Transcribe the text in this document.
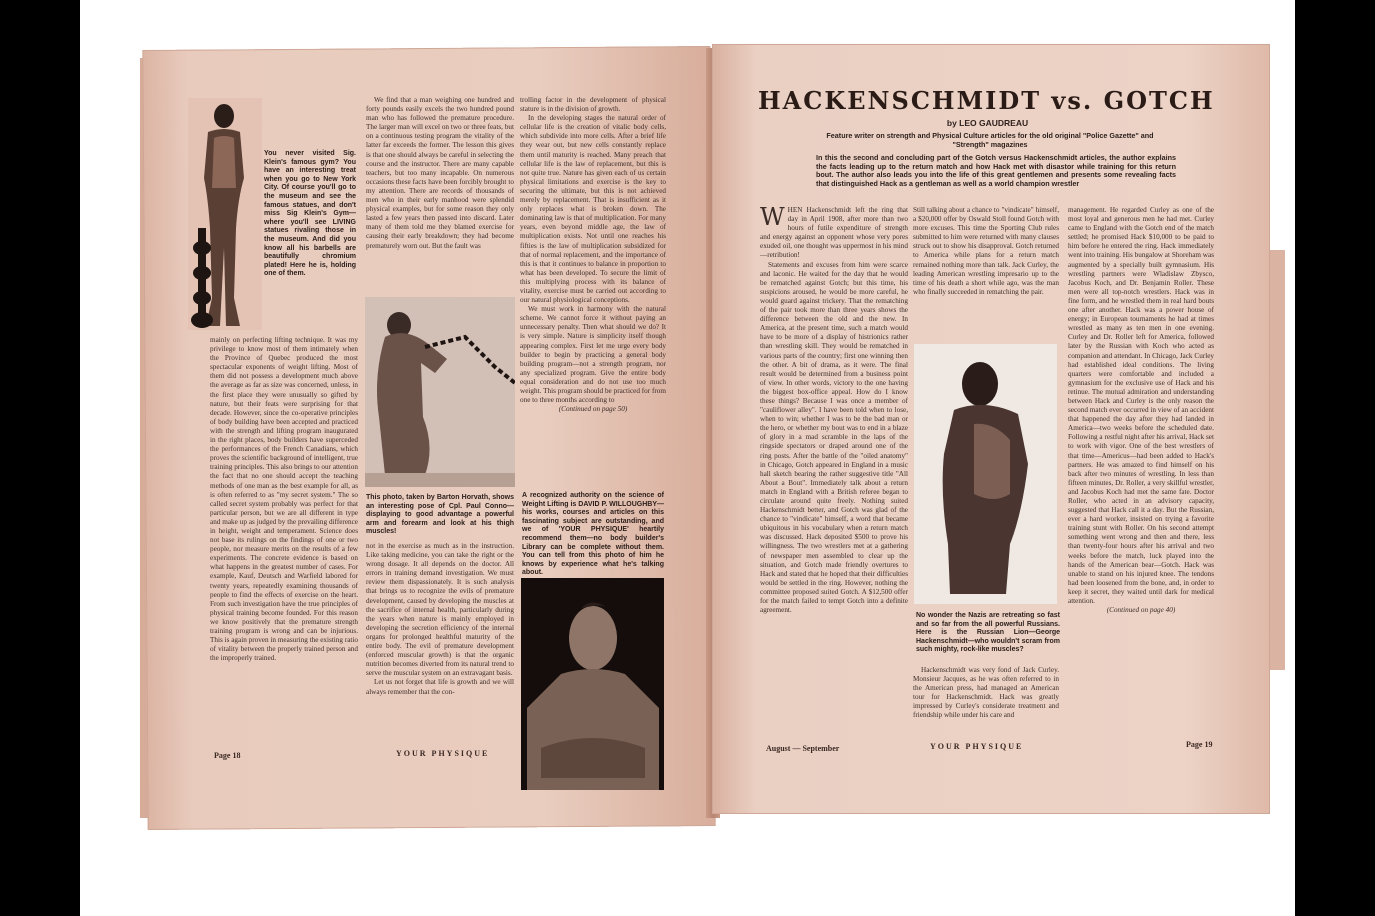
You never visited Sig. Klein's famous gym? You have an interesting treat when you go to New York City. Of course you'll go to the museum and see the famous statues, and don't miss Sig Klein's Gym—where you'll see LIVING statues rivaling those in the museum. And did you know all his barbells are beautifully chromium plated! Here he is, holding one of them.

mainly on perfecting lifting technique. It was my privilege to know most of them intimately when the Province of Quebec produced the most spectacular exponents of weight lifting. Most of them did not possess a development much above the average as far as size was concerned, unless, in the first place they were unusually so gifted by nature, but their feats were surprising for that decade. However, since the co-operative principles of body building have been accepted and practiced with the strength and lifting program inaugurated in the right places, body builders have superceded the performances of the French Canadians, which proves the scientific background of intelligent, true training principles. This also brings to our attention the fact that no one should accept the teaching methods of one man as the best example for all, as is often referred to as "my secret system." The so called secret system probably was perfect for that particular person, but we are all different in type and make up as judged by the prevailing difference in height, weight and temperament. Science does not base its rulings on the findings of one or two people, nor measure merits on the results of a few experiments. The concrete evidence is based on what happens in the greatest number of cases. For example, Kauf, Deutsch and Warfield labored for twenty years, repeatedly examining thousands of people to find the effects of exercise on the heart. From such investigation have the true principles of physical training become founded. For this reason we know positively that the premature strength training program is wrong and can be injurious. This is again proven in measuring the existing ratio of vitality between the properly trained person and the improperly trained.

We find that a man weighing one hundred and forty pounds easily excels the two hundred pound man who has followed the premature procedure. The larger man will excel on two or three feats, but on a continuous testing program the vitality of the latter far exceeds the former. The lesson this gives is that one should always be careful in selecting the course and the instructor. There are many capable teachers, but too many incapable. On numerous occasions these facts have been forcibly brought to my attention. There are records of thousands of men who in their early manhood were splendid physical examples, but for some reason they only lasted a few years then passed into discard. Later many of them told me they blamed exercise for causing their early breakdown; they had become prematurely worn out. But the fault was

This photo, taken by Barton Horvath, shows an interesting pose of Cpl. Paul Conno—displaying to good advantage a powerful arm and forearm and look at his thigh muscles!

not in the exercise as much as in the instruction. Like taking medicine, you can take the right or the wrong dosage. It all depends on the doctor. All errors in training demand investigation. We must review them dispassionately. It is such analysis that brings us to recognize the evils of premature development, caused by developing the muscles at the sacrifice of internal health, particularly during the years when nature is mainly employed in developing the secretion efficiency of the internal organs for prolonged healthful maturity of the entire body. The evil of premature development (enforced muscular growth) is that the organic nutrition becomes diverted from its natural trend to serve the muscular system on an extravagant basis.

Let us not forget that life is growth and we will always remember that the con-

trolling factor in the development of physical stature is in the division of growth.

In the developing stages the natural order of cellular life is the creation of vitalic body cells, which subdivide into more cells. After a brief life they wear out, but new cells constantly replace them until maturity is reached. Many preach that cellular life is the law of replacement, but this is not quite true. Nature has given each of us certain physical limitations and exercise is the key to securing the ultimate, but this is not achieved merely by replacement. That is insufficient as it only replaces what is broken down. The dominating law is that of multiplication. For many years, even beyond middle age, the law of multiplication exists. Not until one reaches his fifties is the law of multiplication subsidized for that of normal replacement, and the importance of this is that it continues to balance in proportion to what has been developed. To secure the limit of this multiplying process with its balance of vitality, exercise must be carried out according to our natural physiological conceptions.

We must work in harmony with the natural scheme. We cannot force it without paying an unnecessary penalty. Then what should we do? It is very simple. Nature is simplicity itself though appearing complex. First let me urge every body builder to begin by practicing a general body building program—not a strength program, nor any specialized program. Give the entire body equal consideration and do not use too much weight. This program should be practiced for from one to three months according to

(Continued on page 50)

A recognized authority on the science of Weight Lifting is DAVID P. WILLOUGHBY—his works, courses and articles on this fascinating subject are outstanding, and we of 'YOUR PHYSIQUE' heartily recommend them—no body builder's Library can be complete without them. You can tell from this photo of him he knows by experience what he's talking about.
Page 18	YOUR PHYSIQUE
HACKENSCHMIDT vs. GOTCH
by LEO GAUDREAU
Feature writer on strength and Physical Culture articles for the old original "Police Gazette" and "Strength" magazines
In this the second and concluding part of the Gotch versus Hackenschmidt articles, the author explains the facts leading up to the return match and how Hack met with disastor while training for this return bout. The author also leads you into the life of this great gentlemen and presents some revealing facts that distinguished Hack as a gentleman as well as a world champion wrestler

W HEN Hackenschmidt left the ring that day in April 1908, after more than two hours of futile expenditure of strength and energy against an opponent whose very pores exuded oil, one thought was uppermost in his mind—retribution!

Statements and excuses from him were scarce and laconic. He waited for the day that he would be rematched against Gotch; but this time, his suspicions aroused, he would be more careful, he would guard against trickery. That the rematching of the pair took more than three years shows the difference between the old and the new. In America, at the present time, such a match would have to be more of a display of histrionics rather than wrestling skill. They would be rematched in various parts of the country; first one winning then the other. A bit of drama, as it were. The final result would be determined from a business point of view. In other words, victory to the one having the biggest box-office appeal. How do I know these things? Because I was once a member of "cauliflower alley". I have been told when to lose, when to win; whether I was to be the bad man or the hero, or whether my bout was to end in a blaze of glory in a mad scramble in the laps of the ringside spectators or draped around one of the ring posts. After the battle of the "oiled anatomy" in Chicago, Gotch appeared in England in a music hall sketch bearing the rather suggestive title "All About a Bout". Immediately talk about a return match in England with a British referee began to circulate around quite freely. Nothing suited Hackenschmidt better, and Gotch was glad of the chance to "vindicate" himself, a word that became ubiquitous in his vocabulary when a return match was discussed. Hack deposited $500 to prove his willingness. The two wrestlers met at a gathering of newspaper men assembled to clear up the situation, and Gotch made friendly overtures to Hack and stated that he hoped that their difficulties would be settled in the ring. However, nothing the committee proposed suited Gotch. A $12,500 offer for the match failed to tempt Gotch into a definite agreement.

Still talking about a chance to "vindicate" himself, a $20,000 offer by Oswald Stoll found Gotch with more excuses. This time the Sporting Club rules submitted to him were returned with many clauses struck out to show his disapproval. Gotch returned to America while plans for a return match remained nothing more than talk. Jack Curley, the leading American wrestling impresario up to the time of his death a short while ago, was the man who finally succeeded in rematching the pair.

No wonder the Nazis are retreating so fast and so far from the all powerful Russians. Here is the Russian Lion—George Hackenschmidt—who wouldn't scram from such mighty, rock-like muscles?

Hackenschmidt was very fond of Jack Curley. Monsieur Jacques, as he was often referred to in the American press, had managed an American tour for Hackenschmidt. Hack was greatly impressed by Curley's considerate treatment and friendship while under his care and

management. He regarded Curley as one of the most loyal and generous men he had met. Curley came to England with the Gotch end of the match settled; he promised Hack $10,000 to be paid to him before he entered the ring. Hack immediately went into training. His bungalow at Shoreham was augmented by a specially built gymnasium. His wrestling partners were Wladislaw Zbysco, Jacobus Koch, and Dr. Benjamin Roller. These men were all top-notch wrestlers. Hack was in fine form, and he wrestled them in real hard bouts one after another. Hack was a power house of energy; in European tournaments he had at times wrestled as many as ten men in one evening. Curley and Dr. Roller left for America, followed later by the Russian with Koch who acted as companion and attendant. In Chicago, Jack Curley had established ideal conditions. The living quarters were comfortable and included a gymnasium for the exclusive use of Hack and his retinue. The mutual admiration and understanding between Hack and Curley is the only reason the second match ever occurred in view of an accident that happened the day after they had landed in America—two weeks before the scheduled date. Following a restful night after his arrival, Hack set to work with vigor. One of the best wrestlers of that time—Americus—had been added to Hack's partners. He was amazed to find himself on his back after two minutes of wrestling. In less than fifteen minutes, Dr. Roller, a very skillful wrestler, and Jacobus Koch had met the same fate. Doctor Roller, who acted in an advisory capacity, suggested that Hack call it a day. But the Russian, ever a hard worker, insisted on trying a favorite training stunt with Roller. On his second attempt something went wrong and then and there, less than twenty-four hours after his arrival and two weeks before the match, luck played into the hands of the American bear—Gotch. Hack was unable to stand on his injured knee. The tendons had been loosened from the bone, and, in order to keep it secret, they waited until dark for medical attention.

(Continued on page 40)

August — September	YOUR PHYSIQUE	Page 19
